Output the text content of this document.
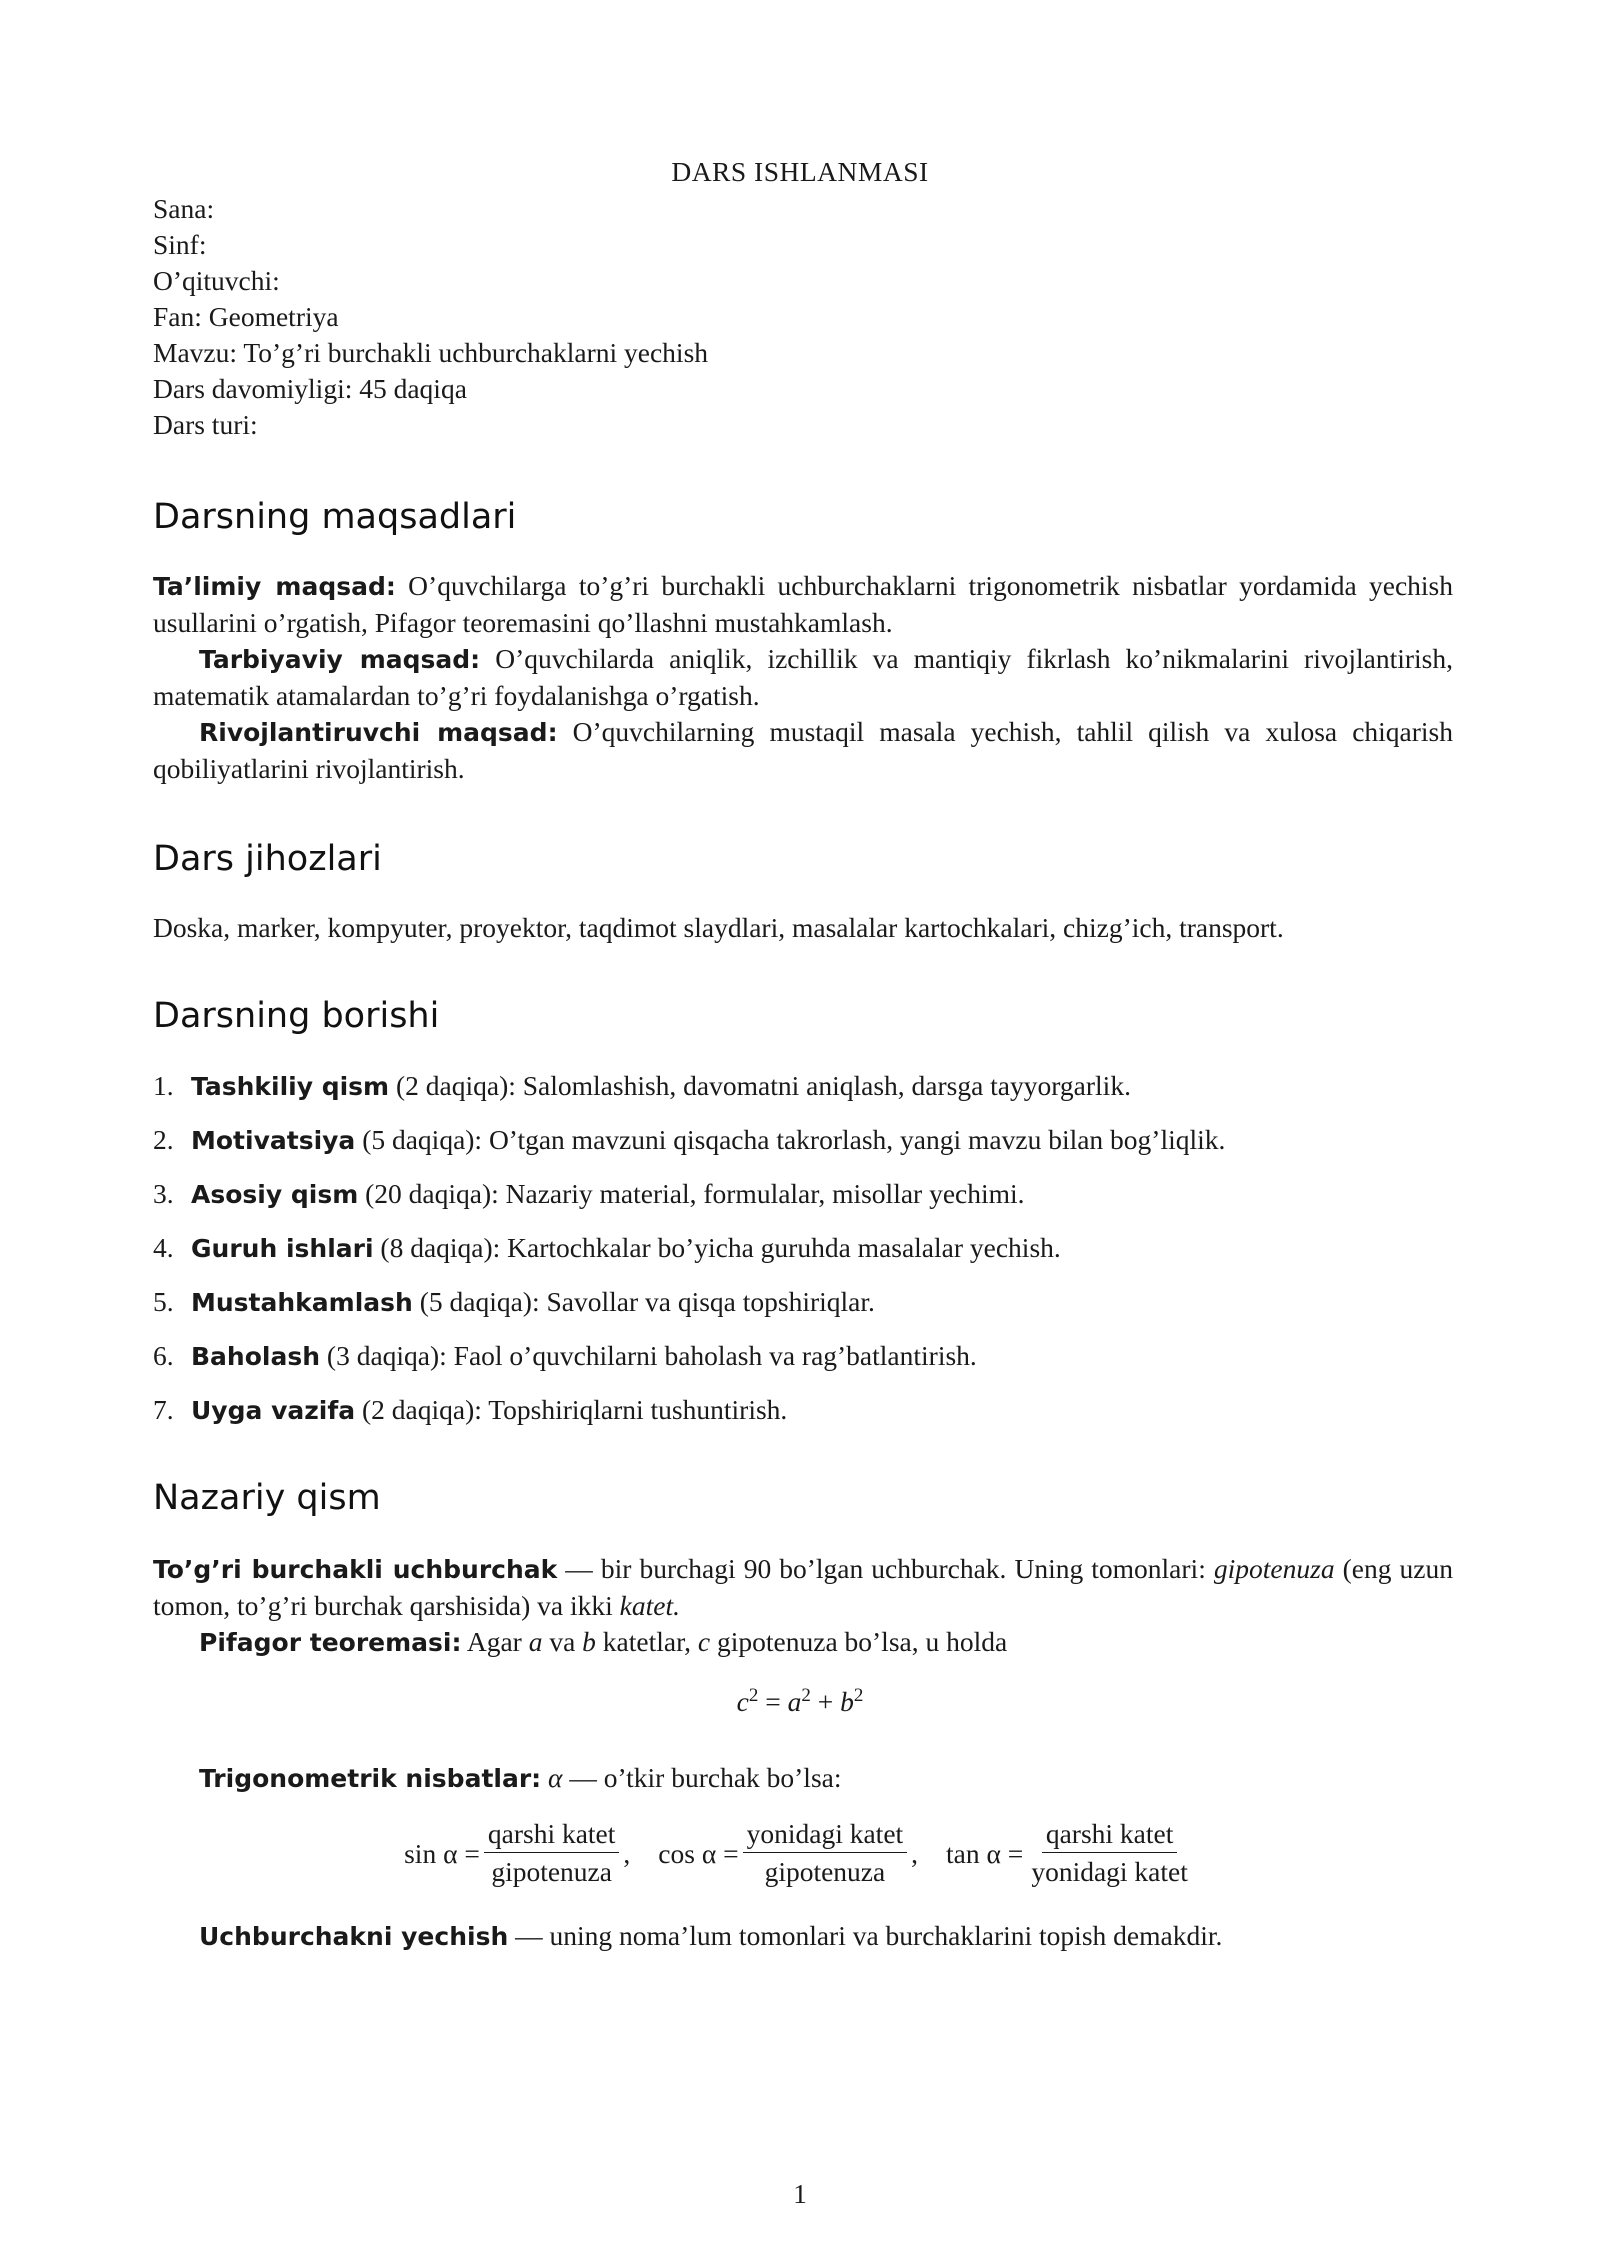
DARS ISHLANMASI
Sana:
Sinf:
O’qituvchi:
Fan: Geometriya
Mavzu: To’g’ri burchakli uchburchaklarni yechish
Dars davomiyligi: 45 daqiqa
Dars turi:
Darsning maqsadlari
Ta’limiy maqsad: O’quvchilarga to’g’ri burchakli uchburchaklarni trigonometrik nisbatlar yordamida yechish usullarini o’rgatish, Pifagor teoremasini qo’llashni mustahkamlash.
Tarbiyaviy maqsad: O’quvchilarda aniqlik, izchillik va mantiqiy fikrlash ko’nikmalarini rivojlantirish, matematik atamalardan to’g’ri foydalanishga o’rgatish.
Rivojlantiruvchi maqsad: O’quvchilarning mustaqil masala yechish, tahlil qilish va xulosa chiqarish qobiliyatlarini rivojlantirish.
Dars jihozlari
Doska, marker, kompyuter, proyektor, taqdimot slaydlari, masalalar kartochkalari, chizg’ich, transport.
Darsning borishi
1. Tashkiliy qism (2 daqiqa): Salomlashish, davomatni aniqlash, darsga tayyorgarlik.
2. Motivatsiya (5 daqiqa): O’tgan mavzuni qisqacha takrorlash, yangi mavzu bilan bog’liqlik.
3. Asosiy qism (20 daqiqa): Nazariy material, formulalar, misollar yechimi.
4. Guruh ishlari (8 daqiqa): Kartochkalar bo’yicha guruhda masalalar yechish.
5. Mustahkamlash (5 daqiqa): Savollar va qisqa topshiriqlar.
6. Baholash (3 daqiqa): Faol o’quvchilarni baholash va rag’batlantirish.
7. Uyga vazifa (2 daqiqa): Topshiriqlarni tushuntirish.
Nazariy qism
To’g’ri burchakli uchburchak — bir burchagi 90 bo’lgan uchburchak. Uning tomonlari: gipotenuza (eng uzun tomon, to’g’ri burchak qarshisida) va ikki katet.
Pifagor teoremasi: Agar a va b katetlar, c gipotenuza bo’lsa, u holda
$c^2 = a^2 + b^2$
Trigonometrik nisbatlar: α — o’tkir burchak bo’lsa:
$\sin \alpha = \frac{\text{qarshi katet}}{\text{gipotenuza}}$ , $\cos \alpha = \frac{\text{yonidagi katet}}{\text{gipotenuza}}$ , $\tan \alpha = \frac{\text{qarshi katet}}{\text{yonidagi katet}}$
Uchburchakni yechish — uning noma’lum tomonlari va burchaklarini topish demakdir.
1
